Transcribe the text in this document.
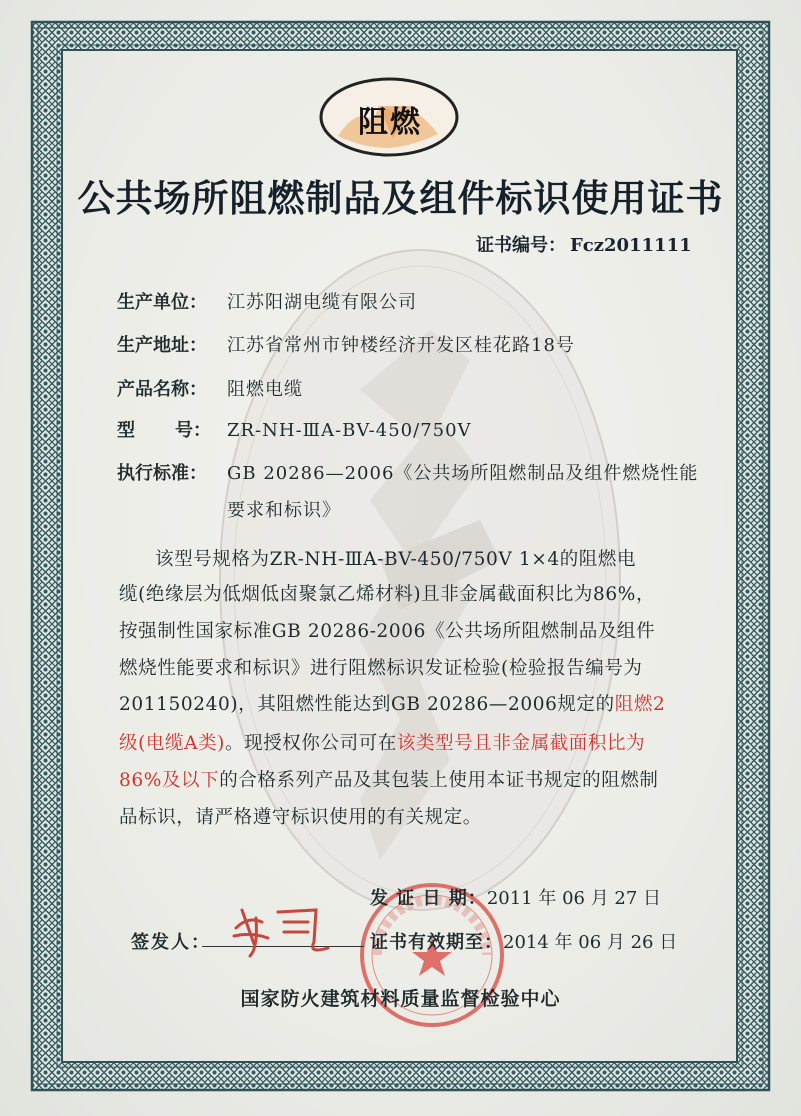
阻燃
公共场所阻燃制品及组件标识使用证书
证书编号： Fcz2011111
生产单位： 江苏阳湖电缆有限公司
生产地址： 江苏省常州市钟楼经济开发区桂花路18号
产品名称： 阻燃电缆
型 号： ZR-NH-ⅢA-BV-450/750V
执行标准： GB 20286—2006《公共场所阻燃制品及组件燃烧性能
要求和标识》
该型号规格为ZR-NH-ⅢA-BV-450/750V 1×4的阻燃电
缆(绝缘层为低烟低卤聚氯乙烯材料)且非金属截面积比为86%，
按强制性国家标准GB 20286-2006《公共场所阻燃制品及组件
燃烧性能要求和标识》进行阻燃标识发证检验(检验报告编号为
201150240)，其阻燃性能达到GB 20286—2006规定的阻燃2
级(电缆A类)。现授权你公司可在该类型号且非金属截面积比为
86%及以下的合格系列产品及其包装上使用本证书规定的阻燃制
品标识，请严格遵守标识使用的有关规定。
发 证 日 期：2011 年 06 月 27 日
证书有效期至：2014 年 06 月 26 日
签发人：
国家防火建筑材料质量监督检验中心
